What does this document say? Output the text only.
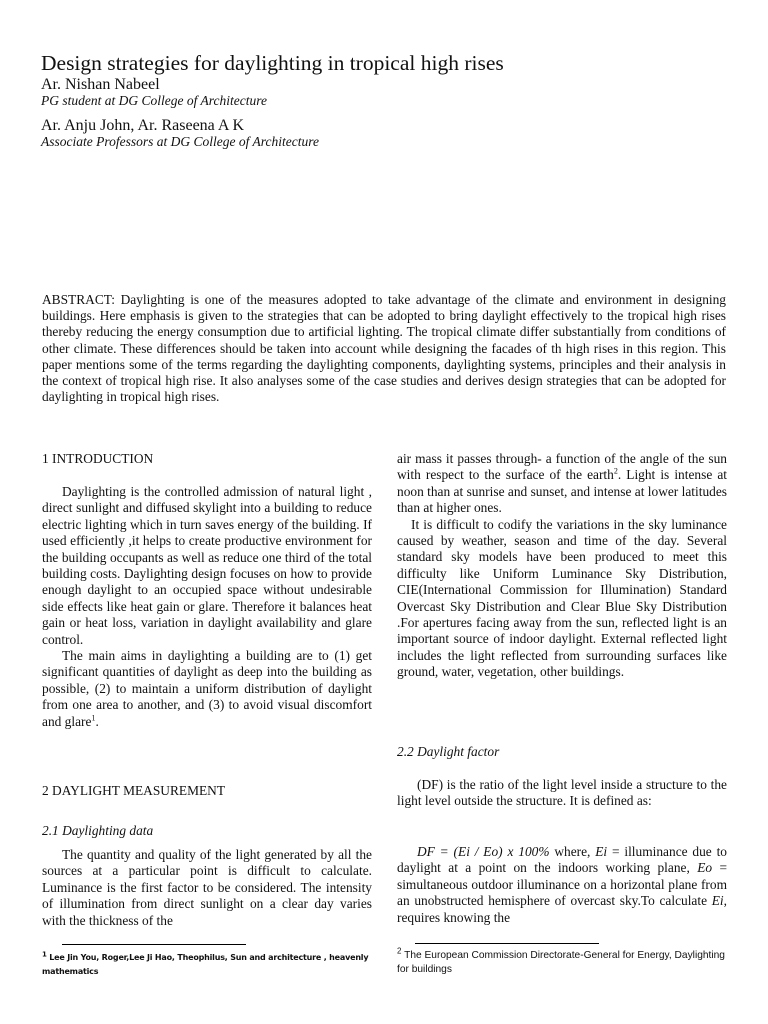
Design strategies for daylighting in tropical high rises
Ar. Nishan Nabeel
PG student at DG College of Architecture
Ar. Anju John, Ar. Raseena A K
Associate Professors at DG College of Architecture
ABSTRACT: Daylighting is one of the measures adopted to take advantage of the climate and environment in designing buildings. Here emphasis is given to the strategies that can be adopted to bring daylight effectively to the tropical high rises thereby reducing the energy consumption due to artificial lighting. The tropical climate differ substantially from conditions of other climate. These differences should be taken into account while designing the facades of th high rises in this region. This paper mentions some of the terms regarding the daylighting components, daylighting systems, principles and their analysis in the context of tropical high rise. It also analyses some of the case studies and derives design strategies that can be adopted for daylighting in tropical high rises.
1 INTRODUCTION

Daylighting is the controlled admission of natural light , direct sunlight and diffused skylight into a building to reduce electric lighting which in turn saves energy of the building. If used efficiently ,it helps to create productive environment for the building occupants as well as reduce one third of the total building costs. Daylighting design focuses on how to provide enough daylight to an occupied space without undesirable side effects like heat gain or glare. Therefore it balances heat gain or heat loss, variation in daylight availability and glare control.

The main aims in daylighting a building are to (1) get significant quantities of daylight as deep into the building as possible, (2) to maintain a uniform distribution of daylight from one area to another, and (3) to avoid visual discomfort and glare$^1$.

2 DAYLIGHT MEASUREMENT
2.1 Daylighting data

The quantity and quality of the light generated by all the sources at a particular point is difficult to calculate. Luminance is the first factor to be considered. The intensity of illumination from direct sunlight on a clear day varies with the thickness of the

$^1$ Lee Jin You, Roger,Lee Ji Hao, Theophilus, Sun and architecture , heavenly mathematics

air mass it passes through- a function of the angle of the sun with respect to the surface of the earth$^2$. Light is intense at noon than at sunrise and sunset, and intense at lower latitudes than at higher ones.

It is difficult to codify the variations in the sky luminance caused by weather, season and time of the day. Several standard sky models have been produced to meet this difficulty like Uniform Luminance Sky Distribution, CIE(International Commission for Illumination) Standard Overcast Sky Distribution and Clear Blue Sky Distribution .For apertures facing away from the sun, reflected light is an important source of indoor daylight. External reflected light includes the light reflected from surrounding surfaces like ground, water, vegetation, other buildings.

2.2 Daylight factor

(DF) is the ratio of the light level inside a structure to the light level outside the structure. It is defined as:

DF = (Ei / Eo) x 100% where, Ei = illuminance due to daylight at a point on the indoors working plane, Eo = simultaneous outdoor illuminance on a horizontal plane from an unobstructed hemisphere of overcast sky.To calculate Ei, requires knowing the

$^2$ The European Commission Directorate-General for Energy, Daylighting for buildings
